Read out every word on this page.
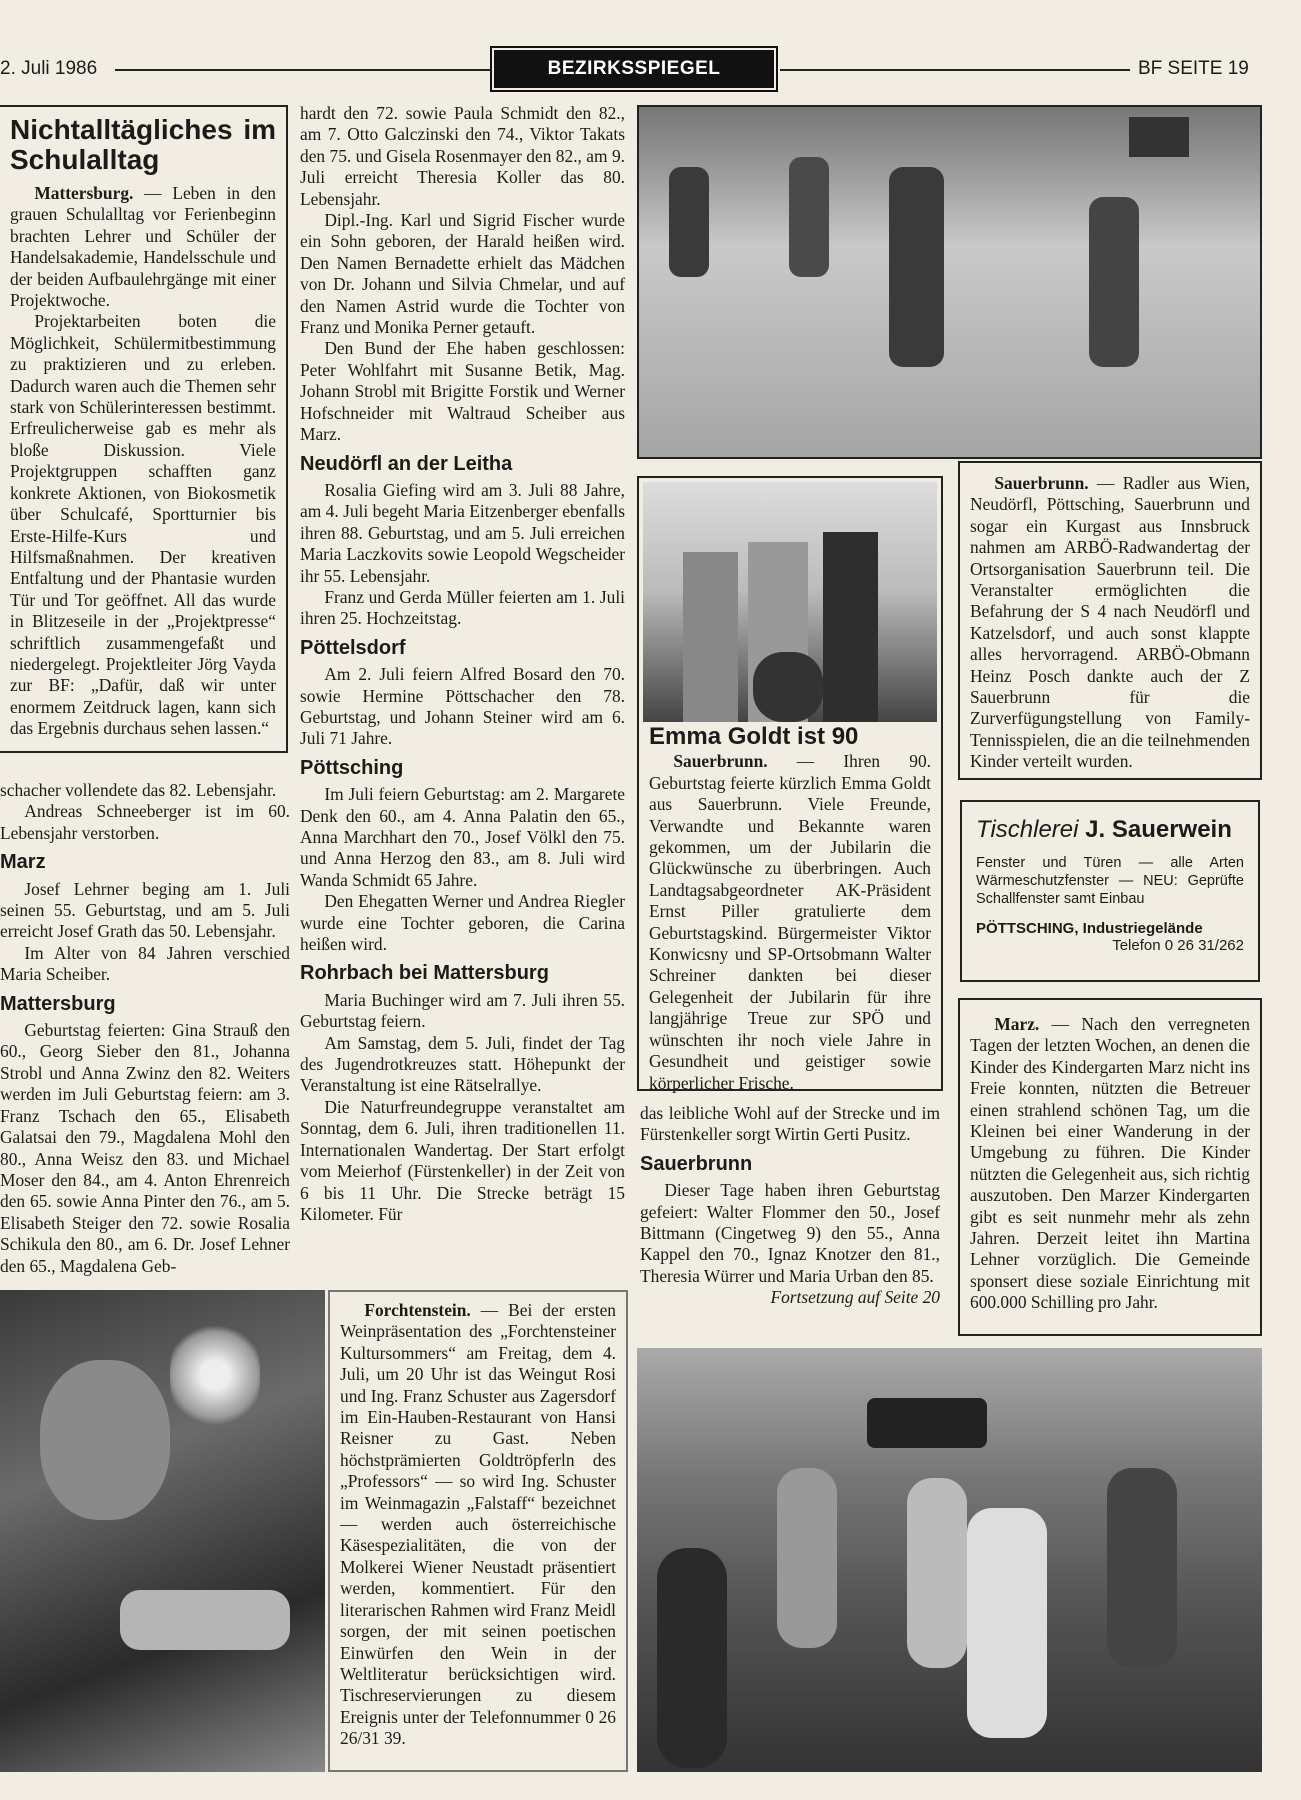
2. Juli 1986	BEZIRKSSPIEGEL	BF SEITE 19
Nichtalltägliches im Schulalltag

Mattersburg. — Leben in den grauen Schulalltag vor Ferienbeginn brachten Lehrer und Schüler der Handelsakademie, Handelsschule und der beiden Aufbaulehrgänge mit einer Projektwoche.

Projektarbeiten boten die Möglichkeit, Schülermitbestimmung zu praktizieren und zu erleben. Dadurch waren auch die Themen sehr stark von Schülerinteressen bestimmt. Erfreulicherweise gab es mehr als bloße Diskussion. Viele Projektgruppen schafften ganz konkrete Aktionen, von Biokosmetik über Schulcafé, Sportturnier bis Erste-Hilfe-Kurs und Hilfsmaßnahmen. Der kreativen Entfaltung und der Phantasie wurden Tür und Tor geöffnet. All das wurde in Blitzeseile in der „Projektpresse“ schriftlich zusammengefaßt und niedergelegt. Projektleiter Jörg Vayda zur BF: „Dafür, daß wir unter enormem Zeitdruck lagen, kann sich das Ergebnis durchaus sehen lassen.“

schacher vollendete das 82. Lebensjahr.

Andreas Schneeberger ist im 60. Lebensjahr verstorben.

Marz

Josef Lehrner beging am 1. Juli seinen 55. Geburtstag, und am 5. Juli erreicht Josef Grath das 50. Lebensjahr.

Im Alter von 84 Jahren verschied Maria Scheiber.

Mattersburg

Geburtstag feierten: Gina Strauß den 60., Georg Sieber den 81., Johanna Strobl und Anna Zwinz den 82. Weiters werden im Juli Geburtstag feiern: am 3. Franz Tschach den 65., Elisabeth Galatsai den 79., Magdalena Mohl den 80., Anna Weisz den 83. und Michael Moser den 84., am 4. Anton Ehrenreich den 65. sowie Anna Pinter den 76., am 5. Elisabeth Steiger den 72. sowie Rosalia Schikula den 80., am 6. Dr. Josef Lehner den 65., Magdalena Geb-

hardt den 72. sowie Paula Schmidt den 82., am 7. Otto Galczinski den 74., Viktor Takats den 75. und Gisela Rosenmayer den 82., am 9. Juli erreicht Theresia Koller das 80. Lebensjahr.

Dipl.-Ing. Karl und Sigrid Fischer wurde ein Sohn geboren, der Harald heißen wird. Den Namen Bernadette erhielt das Mädchen von Dr. Johann und Silvia Chmelar, und auf den Namen Astrid wurde die Tochter von Franz und Monika Perner getauft.

Den Bund der Ehe haben geschlossen: Peter Wohlfahrt mit Susanne Betik, Mag. Johann Strobl mit Brigitte Forstik und Werner Hofschneider mit Waltraud Scheiber aus Marz.

Neudörfl an der Leitha

Rosalia Giefing wird am 3. Juli 88 Jahre, am 4. Juli begeht Maria Eitzenberger ebenfalls ihren 88. Geburtstag, und am 5. Juli erreichen Maria Laczkovits sowie Leopold Wegscheider ihr 55. Lebensjahr.

Franz und Gerda Müller feierten am 1. Juli ihren 25. Hochzeitstag.

Pöttelsdorf

Am 2. Juli feiern Alfred Bosard den 70. sowie Hermine Pöttschacher den 78. Geburtstag, und Johann Steiner wird am 6. Juli 71 Jahre.

Pöttsching

Im Juli feiern Geburtstag: am 2. Margarete Denk den 60., am 4. Anna Palatin den 65., Anna Marchhart den 70., Josef Völkl den 75. und Anna Herzog den 83., am 8. Juli wird Wanda Schmidt 65 Jahre.

Den Ehegatten Werner und Andrea Riegler wurde eine Tochter geboren, die Carina heißen wird.

Rohrbach bei Mattersburg

Maria Buchinger wird am 7. Juli ihren 55. Geburtstag feiern.

Am Samstag, dem 5. Juli, findet der Tag des Jugendrotkreuzes statt. Höhepunkt der Veranstaltung ist eine Rätselrallye.

Die Naturfreundegruppe veranstaltet am Sonntag, dem 6. Juli, ihren traditionellen 11. Internationalen Wandertag. Der Start erfolgt vom Meierhof (Fürstenkeller) in der Zeit von 6 bis 11 Uhr. Die Strecke beträgt 15 Kilometer. Für

Forchtenstein. — Bei der ersten Weinpräsentation des „Forchtensteiner Kultursommers“ am Freitag, dem 4. Juli, um 20 Uhr ist das Weingut Rosi und Ing. Franz Schuster aus Zagersdorf im Ein-Hauben-Restaurant von Hansi Reisner zu Gast. Neben höchstprämierten Goldtröpferln des „Professors“ — so wird Ing. Schuster im Weinmagazin „Falstaff“ bezeichnet — werden auch österreichische Käsespezialitäten, die von der Molkerei Wiener Neustadt präsentiert werden, kommentiert. Für den literarischen Rahmen wird Franz Meidl sorgen, der mit seinen poetischen Einwürfen den Wein in der Weltliteratur berücksichtigen wird. Tischreservierungen zu diesem Ereignis unter der Telefonnummer 0 26 26/31 39.

Emma Goldt ist 90

Sauerbrunn. — Ihren 90. Geburtstag feierte kürzlich Emma Goldt aus Sauerbrunn. Viele Freunde, Verwandte und Bekannte waren gekommen, um der Jubilarin die Glückwünsche zu überbringen. Auch Landtagsabgeordneter AK-Präsident Ernst Piller gratulierte dem Geburtstagskind. Bürgermeister Viktor Konwicsny und SP-Ortsobmann Walter Schreiner dankten bei dieser Gelegenheit der Jubilarin für ihre langjährige Treue zur SPÖ und wünschten ihr noch viele Jahre in Gesundheit und geistiger sowie körperlicher Frische.

das leibliche Wohl auf der Strecke und im Fürstenkeller sorgt Wirtin Gerti Pusitz.

Sauerbrunn

Dieser Tage haben ihren Geburtstag gefeiert: Walter Flommer den 50., Josef Bittmann (Cingetweg 9) den 55., Anna Kappel den 70., Ignaz Knotzer den 81., Theresia Würrer und Maria Urban den 85.

Fortsetzung auf Seite 20

Sauerbrunn. — Radler aus Wien, Neudörfl, Pöttsching, Sauerbrunn und sogar ein Kurgast aus Innsbruck nahmen am ARBÖ-Radwandertag der Ortsorganisation Sauerbrunn teil. Die Veranstalter ermöglichten die Befahrung der S 4 nach Neudörfl und Katzelsdorf, und auch sonst klappte alles hervorragend. ARBÖ-Obmann Heinz Posch dankte auch der Z Sauerbrunn für die Zurverfügungstellung von Family-Tennisspielen, die an die teilnehmenden Kinder verteilt wurden.

Tischlerei J. Sauerwein
Fenster und Türen — alle Arten Wärmeschutzfenster — NEU: Geprüfte Schallfenster samt Einbau
PÖTTSCHING, Industriegelände
Telefon 0 26 31/262

Marz. — Nach den verregneten Tagen der letzten Wochen, an denen die Kinder des Kindergarten Marz nicht ins Freie konnten, nützten die Betreuer einen strahlend schönen Tag, um die Kleinen bei einer Wanderung in der Umgebung zu führen. Die Kinder nützten die Gelegenheit aus, sich richtig auszutoben. Den Marzer Kindergarten gibt es seit nunmehr mehr als zehn Jahren. Derzeit leitet ihn Martina Lehner vorzüglich. Die Gemeinde sponsert diese soziale Einrichtung mit 600.000 Schilling pro Jahr.
